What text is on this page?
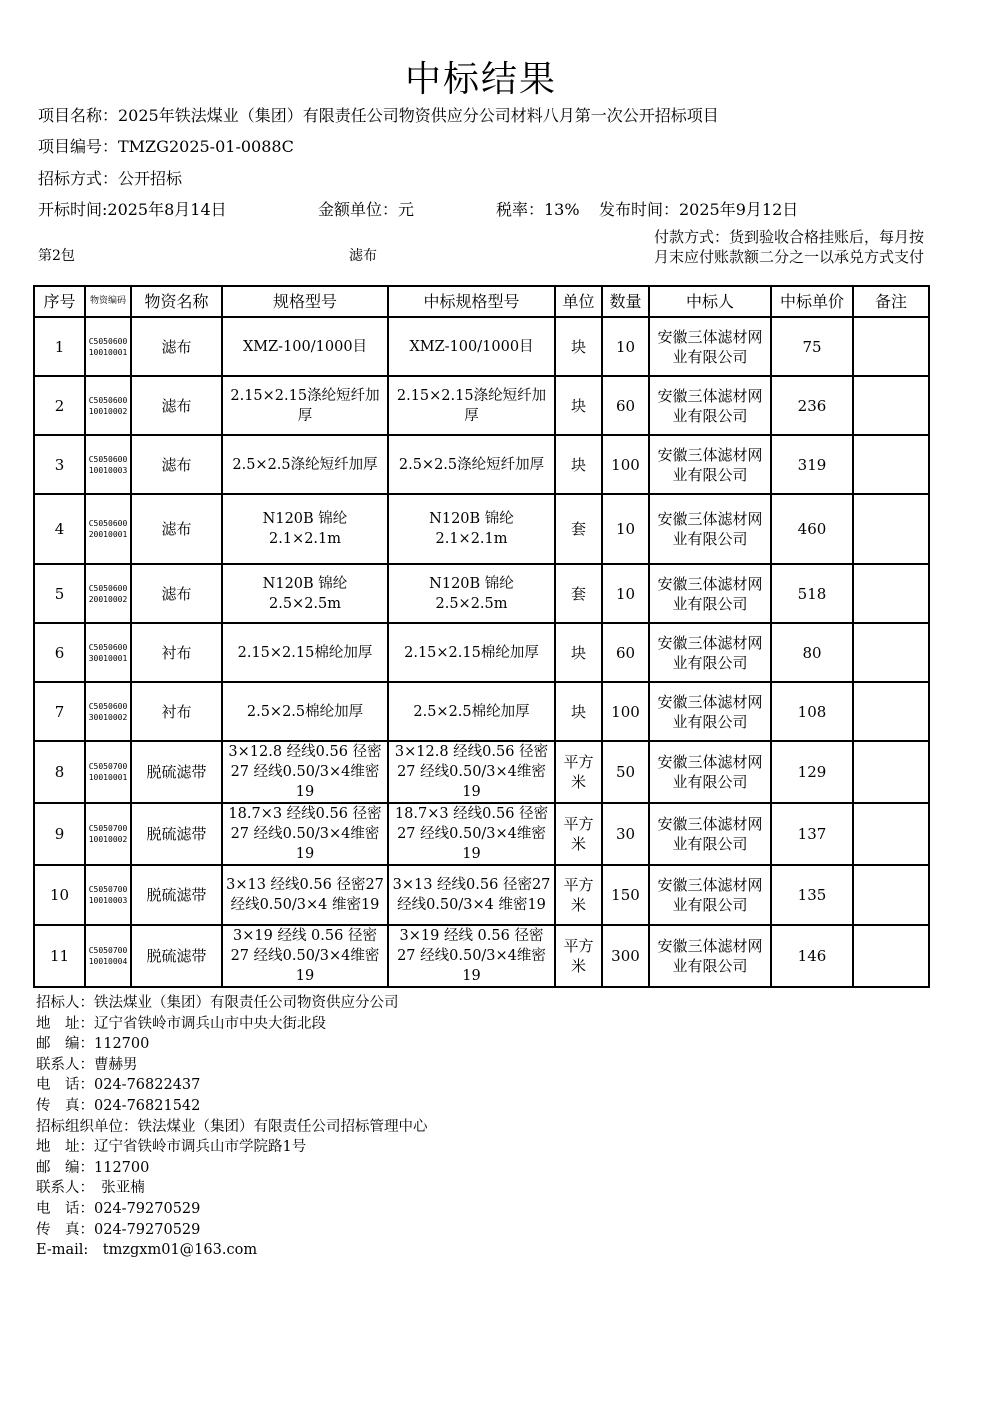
中标结果
项目名称：2025年铁法煤业（集团）有限责任公司物资供应分公司材料八月第一次公开招标项目
项目编号：TMZG2025-01-0088C
招标方式：公开招标
开标时间:2025年8月14日	金额单位：元	税率：13% 发布时间：2025年9月12日
第2包	滤布
付款方式：货到验收合格挂账后，每月按月末应付账款额二分之一以承兑方式支付
序号	物资编码	物资名称	规格型号	中标规格型号	单位	数量	中标人	中标单价	备注
1	C5050600 10010001	滤布	XMZ-100/1000目	XMZ-100/1000目	块	10	安徽三体滤材网业有限公司	75	
2	C5050600 10010002	滤布	2.15×2.15涤纶短纤加厚	2.15×2.15涤纶短纤加厚	块	60	安徽三体滤材网业有限公司	236	
3	C5050600 10010003	滤布	2.5×2.5涤纶短纤加厚	2.5×2.5涤纶短纤加厚	块	100	安徽三体滤材网业有限公司	319	
4	C5050600 20010001	滤布	N120B 锦纶 2.1×2.1m	N120B 锦纶 2.1×2.1m	套	10	安徽三体滤材网业有限公司	460	
5	C5050600 20010002	滤布	N120B 锦纶 2.5×2.5m	N120B 锦纶 2.5×2.5m	套	10	安徽三体滤材网业有限公司	518	
6	C5050600 30010001	衬布	2.15×2.15棉纶加厚	2.15×2.15棉纶加厚	块	60	安徽三体滤材网业有限公司	80	
7	C5050600 30010002	衬布	2.5×2.5棉纶加厚	2.5×2.5棉纶加厚	块	100	安徽三体滤材网业有限公司	108	
8	C5050700 10010001	脱硫滤带	3×12.8 经线0.56 径密27 经线0.50/3×4维密19	3×12.8 经线0.56 径密27 经线0.50/3×4维密19	平方米	50	安徽三体滤材网业有限公司	129	
9	C5050700 10010002	脱硫滤带	18.7×3 经线0.56 径密27 经线0.50/3×4维密19	18.7×3 经线0.56 径密27 经线0.50/3×4维密19	平方米	30	安徽三体滤材网业有限公司	137	
10	C5050700 10010003	脱硫滤带	3×13 经线0.56 径密27 经线0.50/3×4 维密19	3×13 经线0.56 径密27 经线0.50/3×4 维密19	平方米	150	安徽三体滤材网业有限公司	135	
11	C5050700 10010004	脱硫滤带	3×19 经线 0.56 径密27 经线0.50/3×4维密19	3×19 经线 0.56 径密27 经线0.50/3×4维密19	平方米	300	安徽三体滤材网业有限公司	146	
招标人：铁法煤业（集团）有限责任公司物资供应分公司
地　址：辽宁省铁岭市调兵山市中央大街北段
邮　编：112700
联系人：曹赫男
电　话：024-76822437
传　真：024-76821542
招标组织单位：铁法煤业（集团）有限责任公司招标管理中心
地　址：辽宁省铁岭市调兵山市学院路1号
邮　编：112700
联系人：　张亚楠
电　话：024-79270529
传　真：024-79270529
E-mail:　tmzgxm01@163.com
